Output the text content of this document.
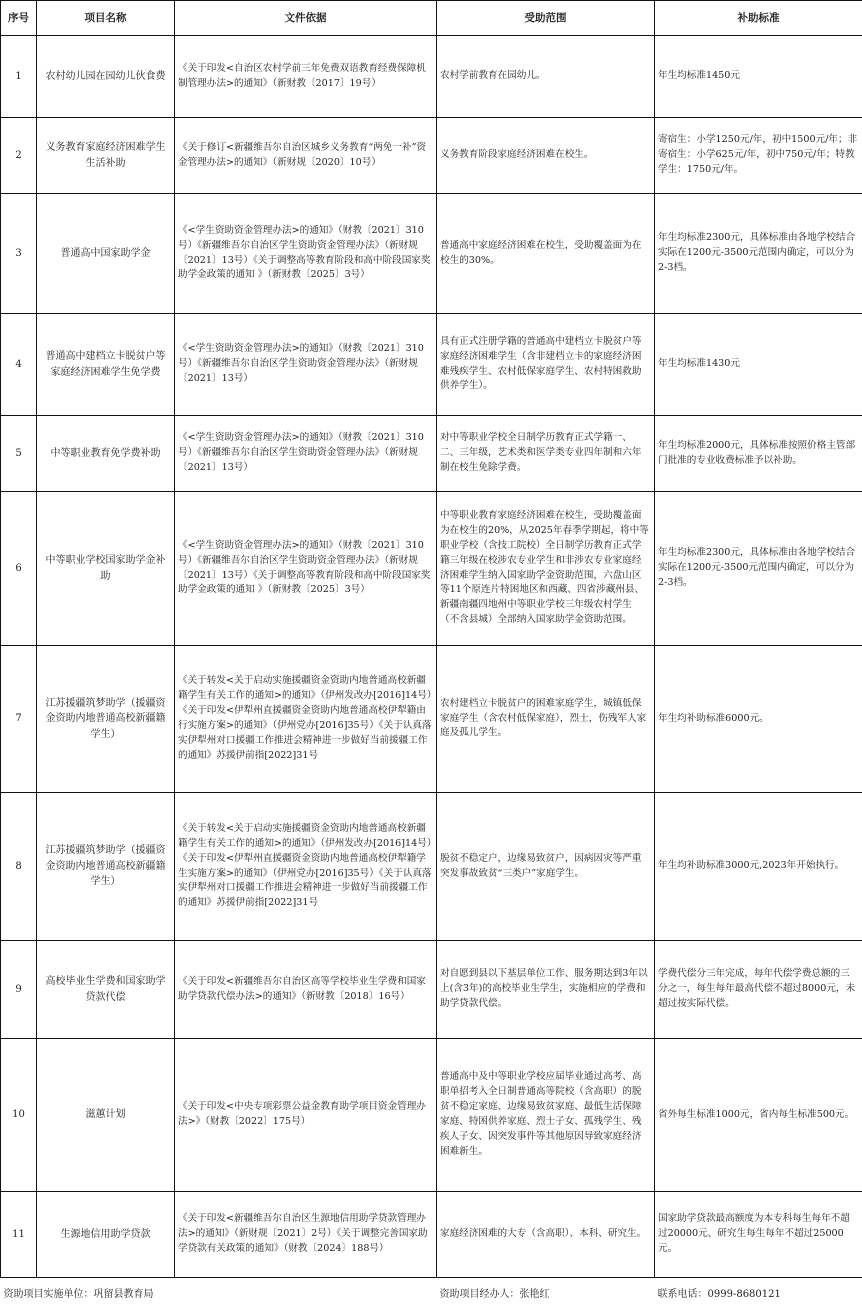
序号	项目名称	文件依据	受助范围	补助标准
1	农村幼儿园在园幼儿伙食费	《关于印发<自治区农村学前三年免费双语教育经费保障机制管理办法>的通知》（新财教〔2017〕19号）	农村学前教育在园幼儿。	年生均标准1450元
2	义务教育家庭经济困难学生生活补助	《关于修订<新疆维吾尔自治区城乡义务教育“两免一补”资金管理办法>的通知》（新财规〔2020〕10号）	义务教育阶段家庭经济困难在校生。	寄宿生：小学1250元/年，初中1500元/年；非寄宿生：小学625元/年，初中750元/年；特教学生：1750元/年。
3	普通高中国家助学金	《<学生资助资金管理办法>的通知》（财教〔2021〕310号）《新疆维吾尔自治区学生资助资金管理办法》（新财规〔2021〕13号）《关于调整高等教育阶段和高中阶段国家奖助学金政策的通知 》（新财教〔2025〕3号）	普通高中家庭经济困难在校生，受助覆盖面为在校生的30%。	年生均标准2300元，具体标准由各地学校结合实际在1200元-3500元范围内确定，可以分为2-3档。
4	普通高中建档立卡脱贫户等家庭经济困难学生免学费	《<学生资助资金管理办法>的通知》（财教〔2021〕310号）《新疆维吾尔自治区学生资助资金管理办法》（新财规〔2021〕13号）	具有正式注册学籍的普通高中建档立卡脱贫户等家庭经济困难学生（含非建档立卡的家庭经济困难残疾学生、农村低保家庭学生、农村特困救助供养学生）。	年生均标准1430元
5	中等职业教育免学费补助	《<学生资助资金管理办法>的通知》（财教〔2021〕310号）《新疆维吾尔自治区学生资助资金管理办法》（新财规〔2021〕13号）	对中等职业学校全日制学历教育正式学籍一、二、三年级，艺术类和医学类专业四年制和六年制在校生免除学费。	年生均标准2000元，具体标准按照价格主管部门批准的专业收费标准予以补助。
6	中等职业学校国家助学金补助	《<学生资助资金管理办法>的通知》（财教〔2021〕310号）《新疆维吾尔自治区学生资助资金管理办法》（新财规〔2021〕13号）《关于调整高等教育阶段和高中阶段国家奖助学金政策的通知 》（新财教〔2025〕3号）	中等职业教育家庭经济困难在校生，受助覆盖面为在校生的20%，从2025年春季学期起，将中等职业学校（含技工院校）全日制学历教育正式学籍三年级在校涉农专业学生和非涉农专业家庭经济困难学生纳入国家助学金资助范围，六盘山区等11个原连片特困地区和西藏、四省涉藏州县、新疆南疆四地州中等职业学校三年级农村学生（不含县城）全部纳入国家助学金资助范围。	年生均标准2300元，具体标准由各地学校结合实际在1200元-3500元范围内确定，可以分为2-3档。
7	江苏援疆筑梦助学（援疆资金资助内地普通高校新疆籍学生）	《关于转发<关于启动实施援疆资金资助内地普通高校新疆籍学生有关工作的通知>的通知》（伊州发改办[2016]14号）《关于印发<伊犁州直援疆资金资助内地普通高校伊犁籍由行实施方案>的通知》（伊州党办[2016]35号）《关于认真落实伊犁州对口援疆工作推进会精神进一步做好当前援疆工作的通知》苏援伊前指[2022]31号	农村建档立卡脱贫户的困难家庭学生，城镇低保家庭学生（含农村低保家庭），烈士，伤残军人家庭及孤儿学生。	年生均补助标准6000元。
8	江苏援疆筑梦助学（援疆资金资助内地普通高校新疆籍学生）	《关于转发<关于启动实施援疆资金资助内地普通高校新疆籍学生有关工作的通知>的通知》（伊州发改办[2016]14号）《关于印发<伊犁州直援疆资金资助内地普通高校伊犁籍学生实施方案>的通知》（伊州党办[2016]35号）《关于认真落实伊犁州对口援疆工作推进会精神进一步做好当前援疆工作的通知》苏援伊前指[2022]31号	脱贫不稳定户，边缘易致贫户，因病因灾等严重突发事故致贫“三类户”家庭学生。	年生均补助标准3000元,2023年开始执行。
9	高校毕业生学费和国家助学贷款代偿	《关于印发<新疆维吾尔自治区高等学校毕业生学费和国家助学贷款代偿办法>的通知》（新财教〔2018〕16号）	对自愿到县以下基层单位工作、服务期达到3年以上(含3年)的高校毕业生学生，实施相应的学费和助学贷款代偿。	学费代偿分三年完成，每年代偿学费总额的三分之一，每生每年最高代偿不超过8000元，未超过按实际代偿。
10	滋蕙计划	《关于印发<中央专项彩票公益金教育助学项目资金管理办法>》（财教〔2022〕175号）	普通高中及中等职业学校应届毕业通过高考、高职单招考入全日制普通高等院校（含高职）的脱贫不稳定家庭、边缘易致贫家庭、最低生活保障家庭、特困供养家庭、烈士子女、孤残学生、残疾人子女、因突发事件等其他原因导致家庭经济困难新生。	省外每生标准1000元，省内每生标准500元。
11	生源地信用助学贷款	《关于印发<新疆维吾尔自治区生源地信用助学贷款管理办法>的通知》（新财规〔2021〕2号）《关于调整完善国家助学贷款有关政策的通知》（财教〔2024〕188号）	家庭经济困难的大专（含高职）、本科、研究生。	国家助学贷款最高额度为本专科每生每年不超过20000元、研究生每生每年不超过25000元。
资助项目实施单位：巩留县教育局			资助项目经办人：张艳红	联系电话：0999-8680121
